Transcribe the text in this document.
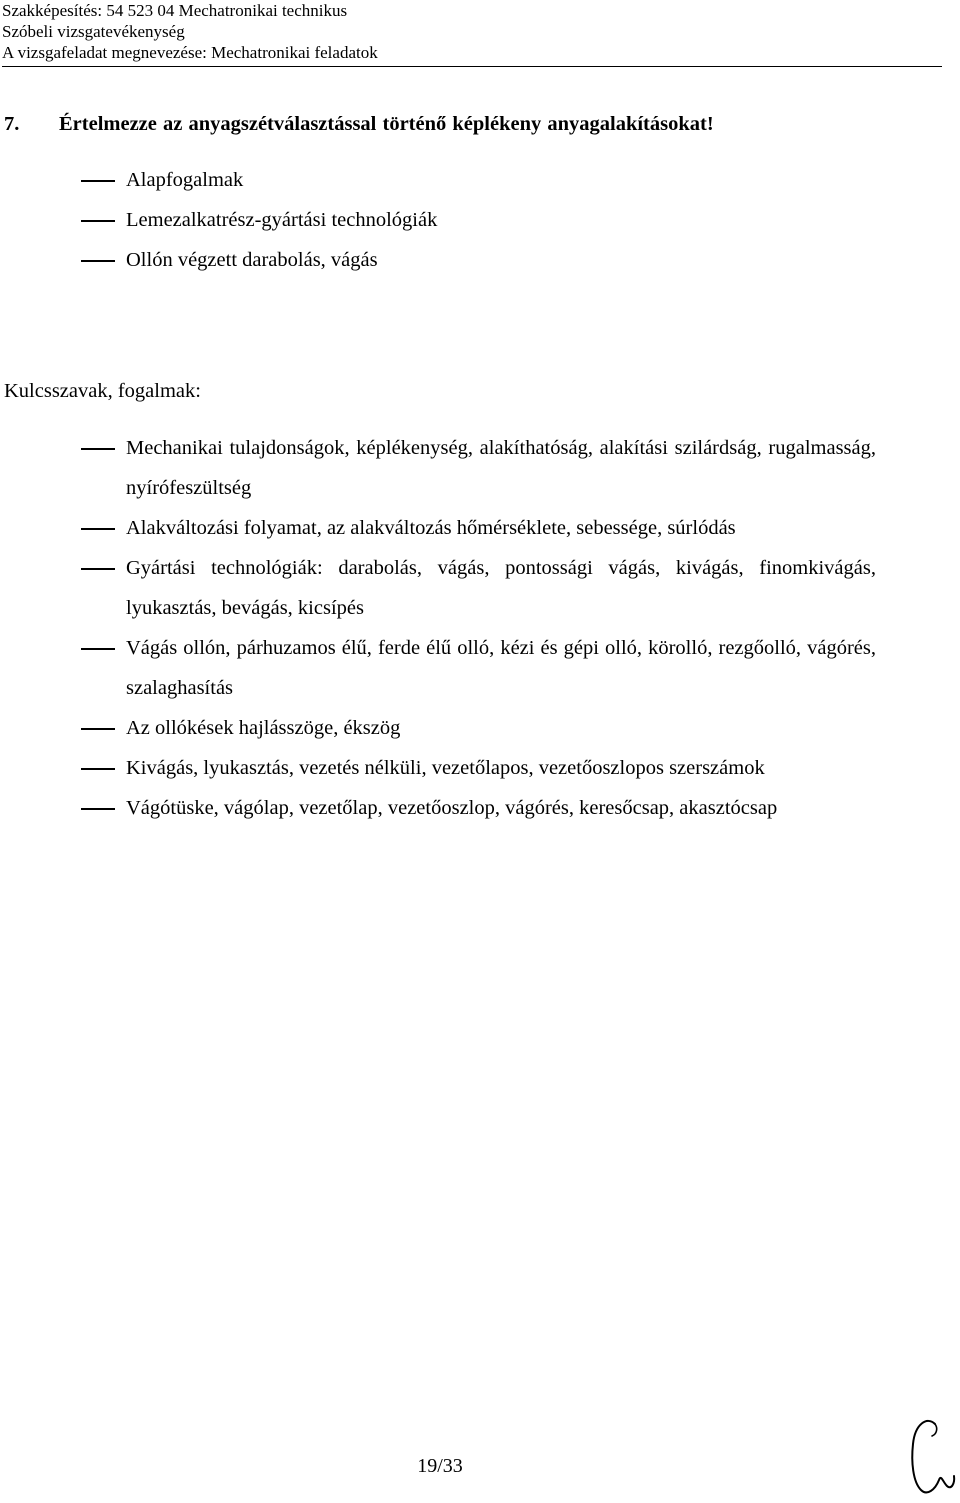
Szakképesítés: 54 523 04 Mechatronikai technikus
Szóbeli vizsgatevékenység
A vizsgafeladat megnevezése: Mechatronikai feladatok
7. Értelmezze az anyagszétválasztással történő képlékeny anyagalakításokat!
Alapfogalmak
Lemezalkatrész-gyártási technológiák
Ollón végzett darabolás, vágás
Kulcsszavak, fogalmak:
Mechanikai tulajdonságok, képlékenység, alakíthatóság, alakítási szilárdság, rugalmasság, nyírófeszültség
Alakváltozási folyamat, az alakváltozás hőmérséklete, sebessége, súrlódás
Gyártási technológiák: darabolás, vágás, pontossági vágás, kivágás, finomkivágás, lyukasztás, bevágás, kicsípés
Vágás ollón, párhuzamos élű, ferde élű olló, kézi és gépi olló, körolló, rezgőolló, vágórés, szalaghasítás
Az ollókések hajlásszöge, ékszög
Kivágás, lyukasztás, vezetés nélküli, vezetőlapos, vezetőoszlopos szerszámok
Vágótüske, vágólap, vezetőlap, vezetőoszlop, vágórés, keresőcsap, akasztócsap
19/33
